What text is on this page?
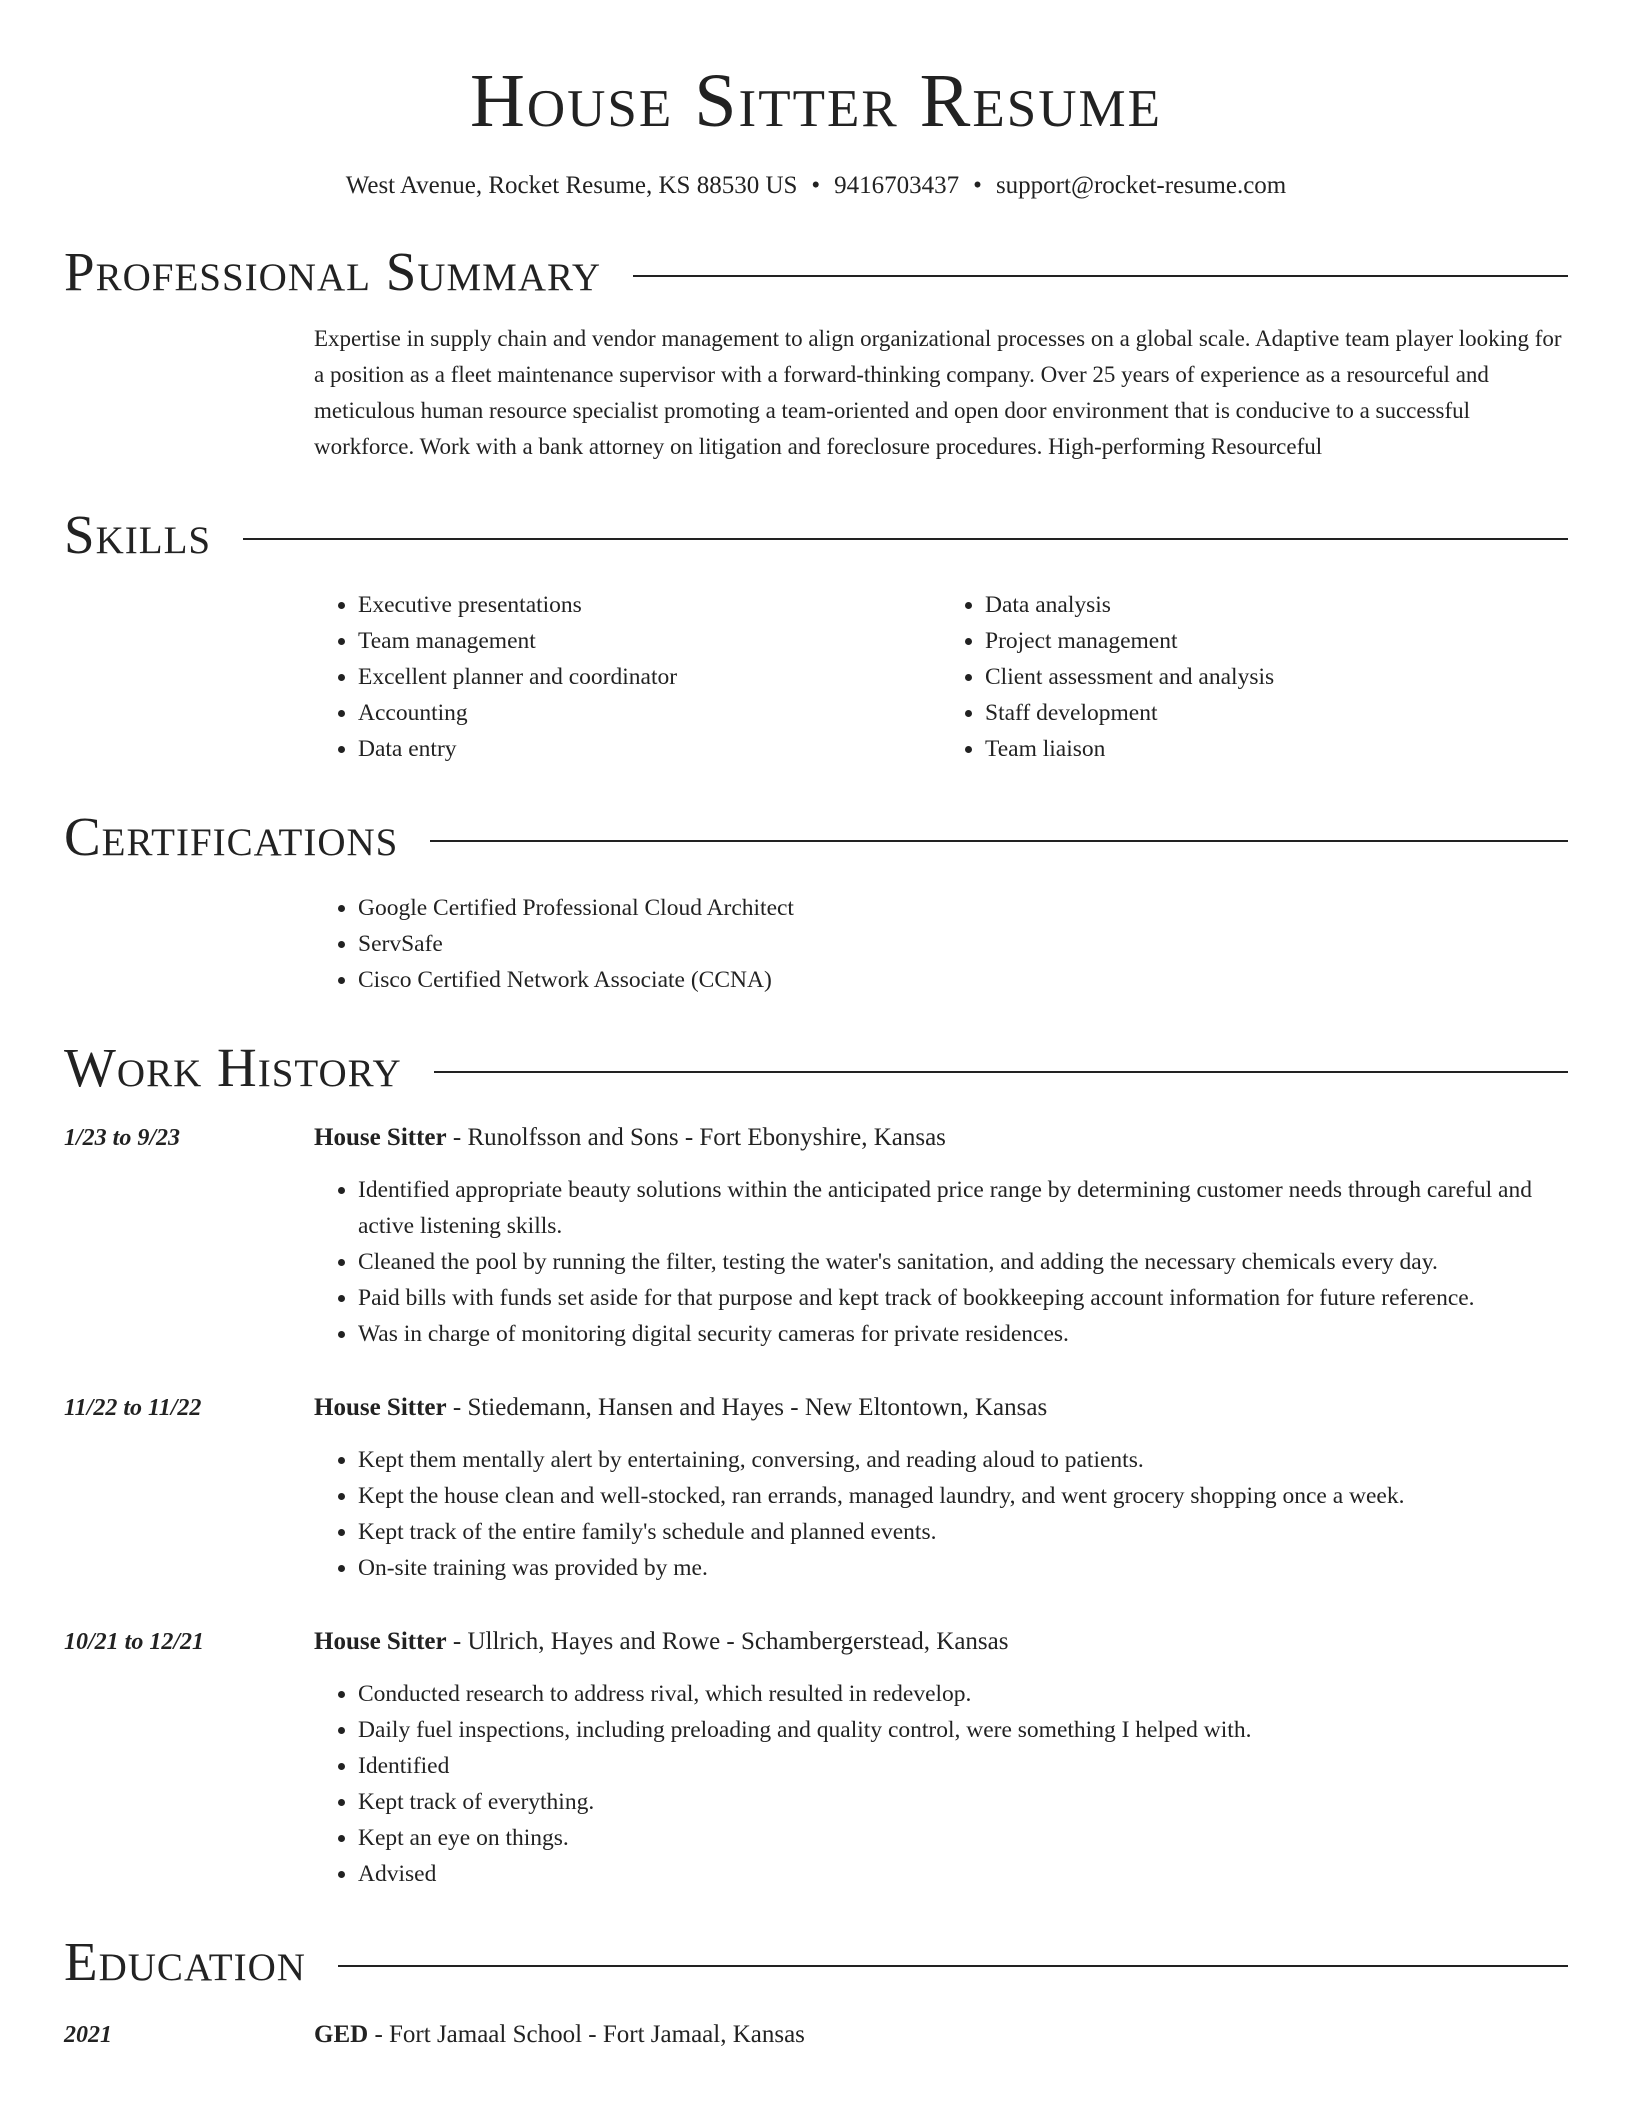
House Sitter Resume
West Avenue, Rocket Resume, KS 88530 US • 9416703437 • support@rocket-resume.com
Professional Summary
Expertise in supply chain and vendor management to align organizational processes on a global scale. Adaptive team player looking for a position as a fleet maintenance supervisor with a forward-thinking company. Over 25 years of experience as a resourceful and meticulous human resource specialist promoting a team-oriented and open door environment that is conducive to a successful workforce. Work with a bank attorney on litigation and foreclosure procedures. High-performing Resourceful
Skills
• Executive presentations
• Team management
• Excellent planner and coordinator
• Accounting
• Data entry
• Data analysis
• Project management
• Client assessment and analysis
• Staff development
• Team liaison
Certifications
• Google Certified Professional Cloud Architect
• ServSafe
• Cisco Certified Network Associate (CCNA)
Work History
1/23 to 9/23	House Sitter - Runolfsson and Sons - Fort Ebonyshire, Kansas
• Identified appropriate beauty solutions within the anticipated price range by determining customer needs through careful and active listening skills.
• Cleaned the pool by running the filter, testing the water's sanitation, and adding the necessary chemicals every day.
• Paid bills with funds set aside for that purpose and kept track of bookkeeping account information for future reference.
• Was in charge of monitoring digital security cameras for private residences.
11/22 to 11/22	House Sitter - Stiedemann, Hansen and Hayes - New Eltontown, Kansas
• Kept them mentally alert by entertaining, conversing, and reading aloud to patients.
• Kept the house clean and well-stocked, ran errands, managed laundry, and went grocery shopping once a week.
• Kept track of the entire family's schedule and planned events.
• On-site training was provided by me.
10/21 to 12/21	House Sitter - Ullrich, Hayes and Rowe - Schambergerstead, Kansas
• Conducted research to address rival, which resulted in redevelop.
• Daily fuel inspections, including preloading and quality control, were something I helped with.
• Identified
• Kept track of everything.
• Kept an eye on things.
• Advised
Education
2021	GED - Fort Jamaal School - Fort Jamaal, Kansas
